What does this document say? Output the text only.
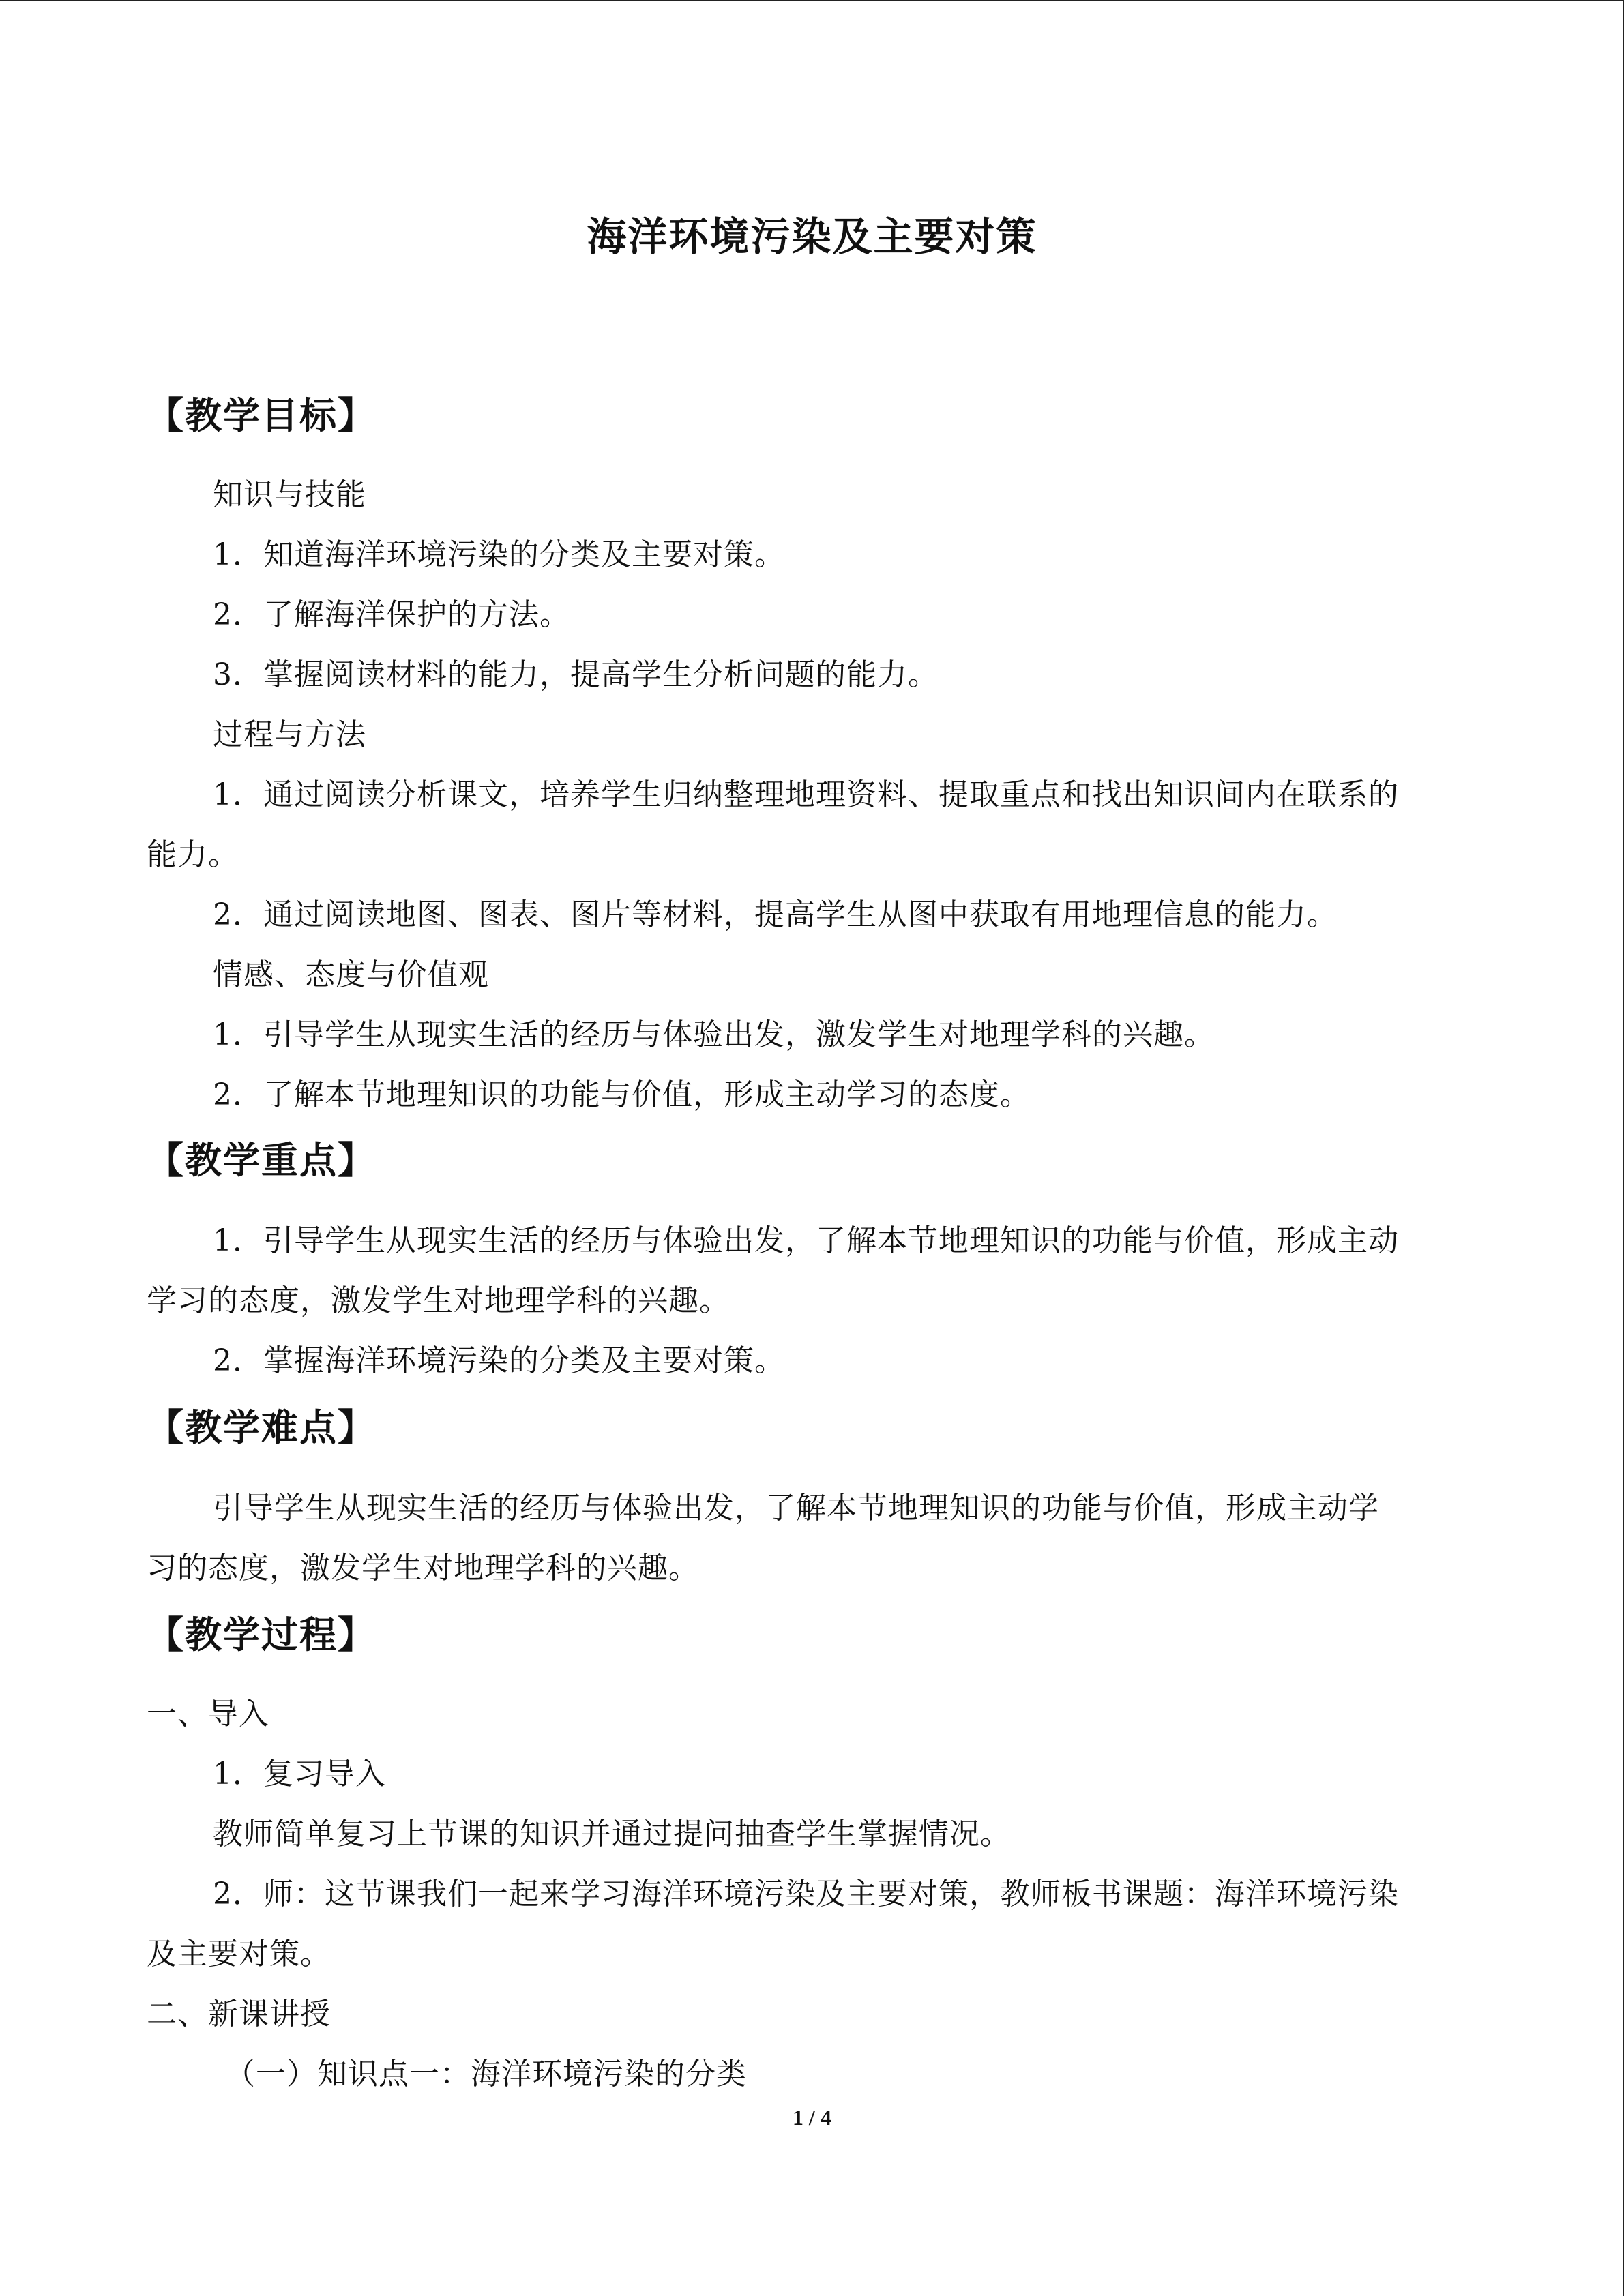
海洋环境污染及主要对策
【教学目标】
知识与技能
1．知道海洋环境污染的分类及主要对策。
2．了解海洋保护的方法。
3．掌握阅读材料的能力，提高学生分析问题的能力。
过程与方法
1．通过阅读分析课文，培养学生归纳整理地理资料、提取重点和找出知识间内在联系的
能力。
2．通过阅读地图、图表、图片等材料，提高学生从图中获取有用地理信息的能力。
情感、态度与价值观
1．引导学生从现实生活的经历与体验出发，激发学生对地理学科的兴趣。
2．了解本节地理知识的功能与价值，形成主动学习的态度。
【教学重点】
1．引导学生从现实生活的经历与体验出发，了解本节地理知识的功能与价值，形成主动
学习的态度，激发学生对地理学科的兴趣。
2．掌握海洋环境污染的分类及主要对策。
【教学难点】
引导学生从现实生活的经历与体验出发，了解本节地理知识的功能与价值，形成主动学
习的态度，激发学生对地理学科的兴趣。
【教学过程】
一、导入
1．复习导入
教师简单复习上节课的知识并通过提问抽查学生掌握情况。
2．师：这节课我们一起来学习海洋环境污染及主要对策，教师板书课题：海洋环境污染
及主要对策。
二、新课讲授
（一）知识点一：海洋环境污染的分类
1 / 4
